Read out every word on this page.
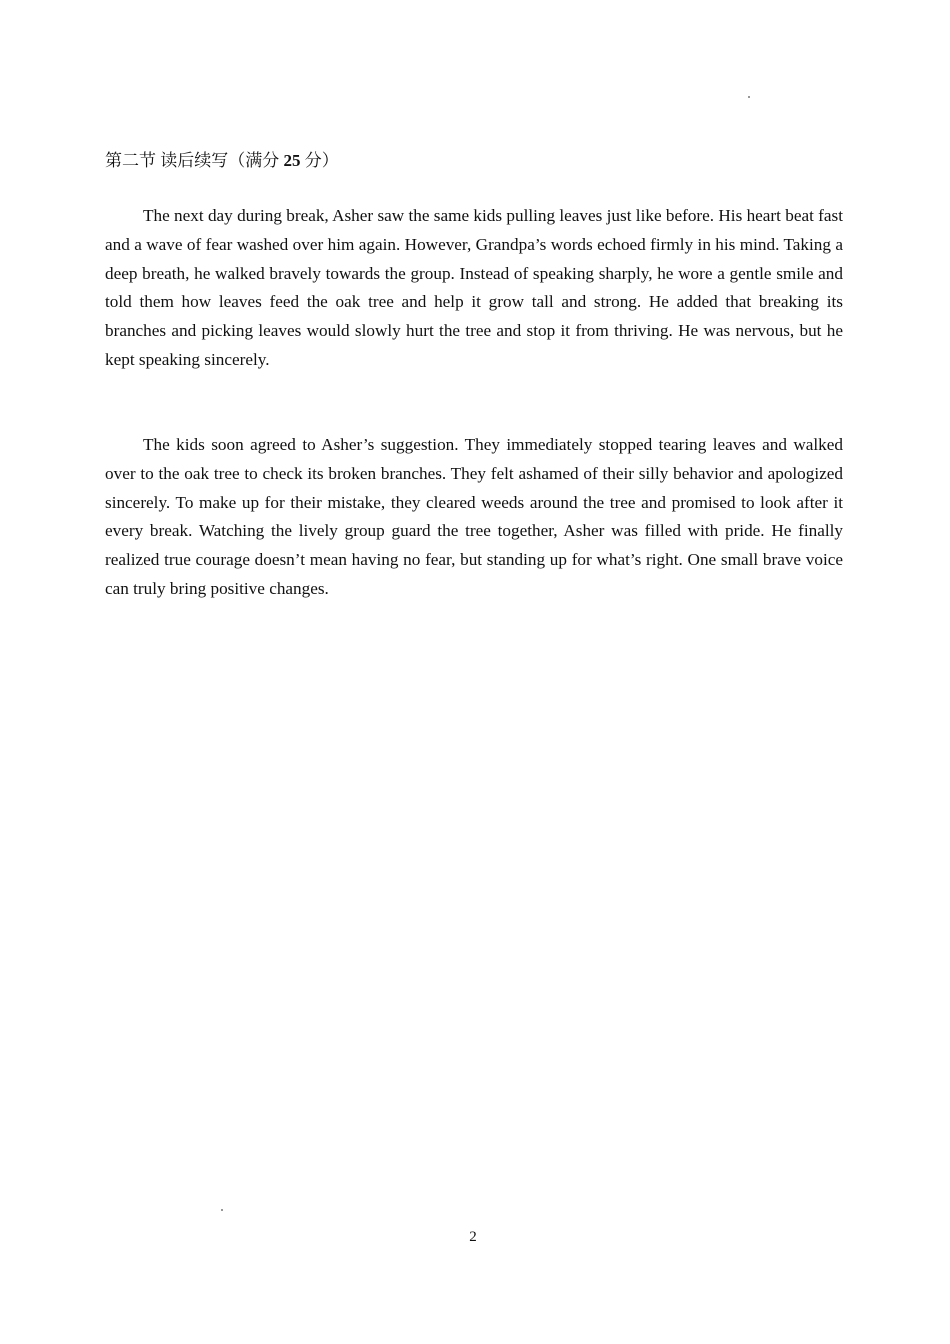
第二节 读后续写（满分 25 分）

The next day during break, Asher saw the same kids pulling leaves just like before. His heart beat fast and a wave of fear washed over him again. However, Grandpa’s words echoed firmly in his mind. Taking a deep breath, he walked bravely towards the group. Instead of speaking sharply, he wore a gentle smile and told them how leaves feed the oak tree and help it grow tall and strong. He added that breaking its branches and picking leaves would slowly hurt the tree and stop it from thriving. He was nervous, but he kept speaking sincerely.

The kids soon agreed to Asher’s suggestion. They immediately stopped tearing leaves and walked over to the oak tree to check its broken branches. They felt ashamed of their silly behavior and apologized sincerely. To make up for their mistake, they cleared weeds around the tree and promised to look after it every break. Watching the lively group guard the tree together, Asher was filled with pride. He finally realized true courage doesn’t mean having no fear, but standing up for what’s right. One small brave voice can truly bring positive changes.

2
